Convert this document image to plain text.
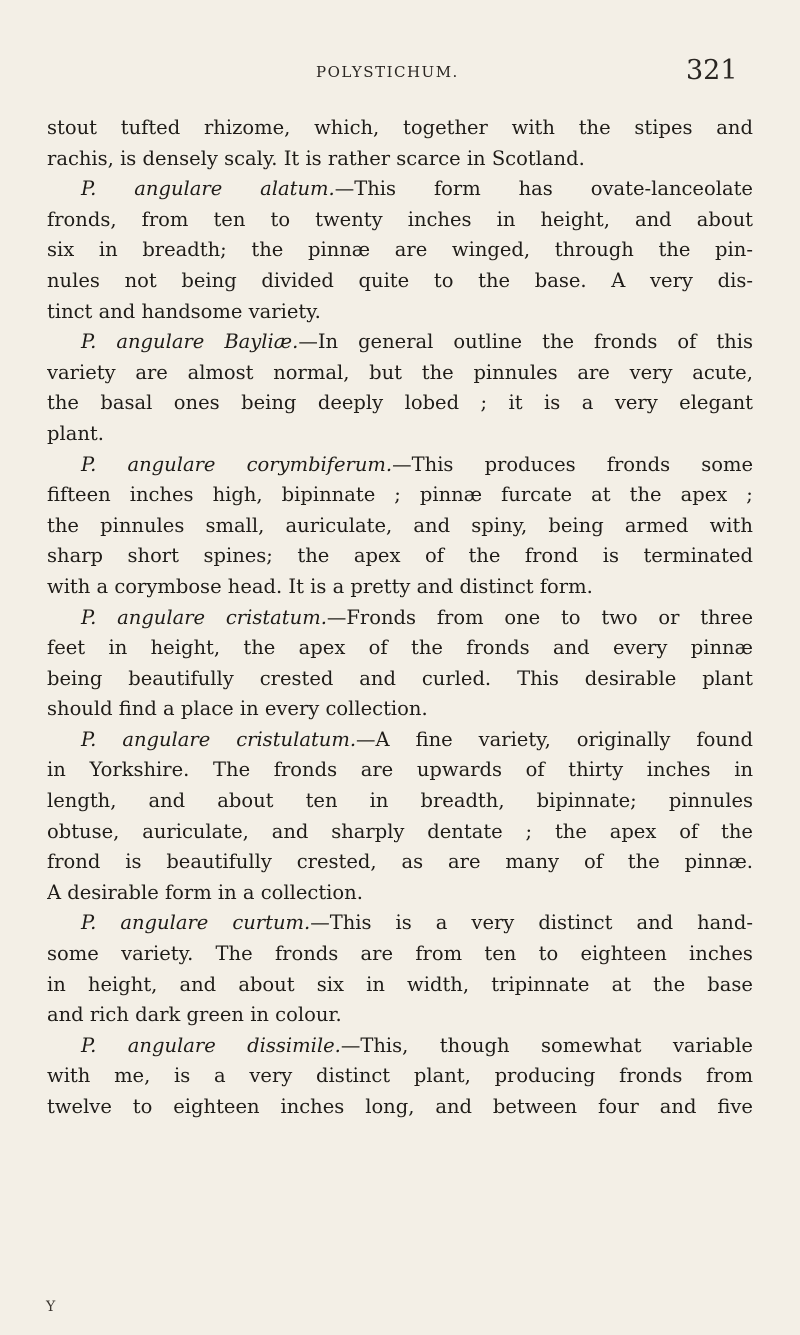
POLYSTICHUM.	321
stout tufted rhizome, which, together with the stipes and
rachis, is densely scaly. It is rather scarce in Scotland.
P. angulare alatum.—This form has ovate-lanceolate
fronds, from ten to twenty inches in height, and about
six in breadth; the pinnæ are winged, through the pin-
nules not being divided quite to the base. A very dis-
tinct and handsome variety.
P. angulare Bayliæ.—In general outline the fronds of this
variety are almost normal, but the pinnules are very acute,
the basal ones being deeply lobed ; it is a very elegant
plant.
P. angulare corymbiferum.—This produces fronds some
fifteen inches high, bipinnate ; pinnæ furcate at the apex ;
the pinnules small, auriculate, and spiny, being armed with
sharp short spines; the apex of the frond is terminated
with a corymbose head. It is a pretty and distinct form.
P. angulare cristatum.—Fronds from one to two or three
feet in height, the apex of the fronds and every pinnæ
being beautifully crested and curled. This desirable plant
should find a place in every collection.
P. angulare cristulatum.—A fine variety, originally found
in Yorkshire. The fronds are upwards of thirty inches in
length, and about ten in breadth, bipinnate; pinnules
obtuse, auriculate, and sharply dentate ; the apex of the
frond is beautifully crested, as are many of the pinnæ.
A desirable form in a collection.
P. angulare curtum.—This is a very distinct and hand-
some variety. The fronds are from ten to eighteen inches
in height, and about six in width, tripinnate at the base
and rich dark green in colour.
P. angulare dissimile.—This, though somewhat variable
with me, is a very distinct plant, producing fronds from
twelve to eighteen inches long, and between four and five
Y
